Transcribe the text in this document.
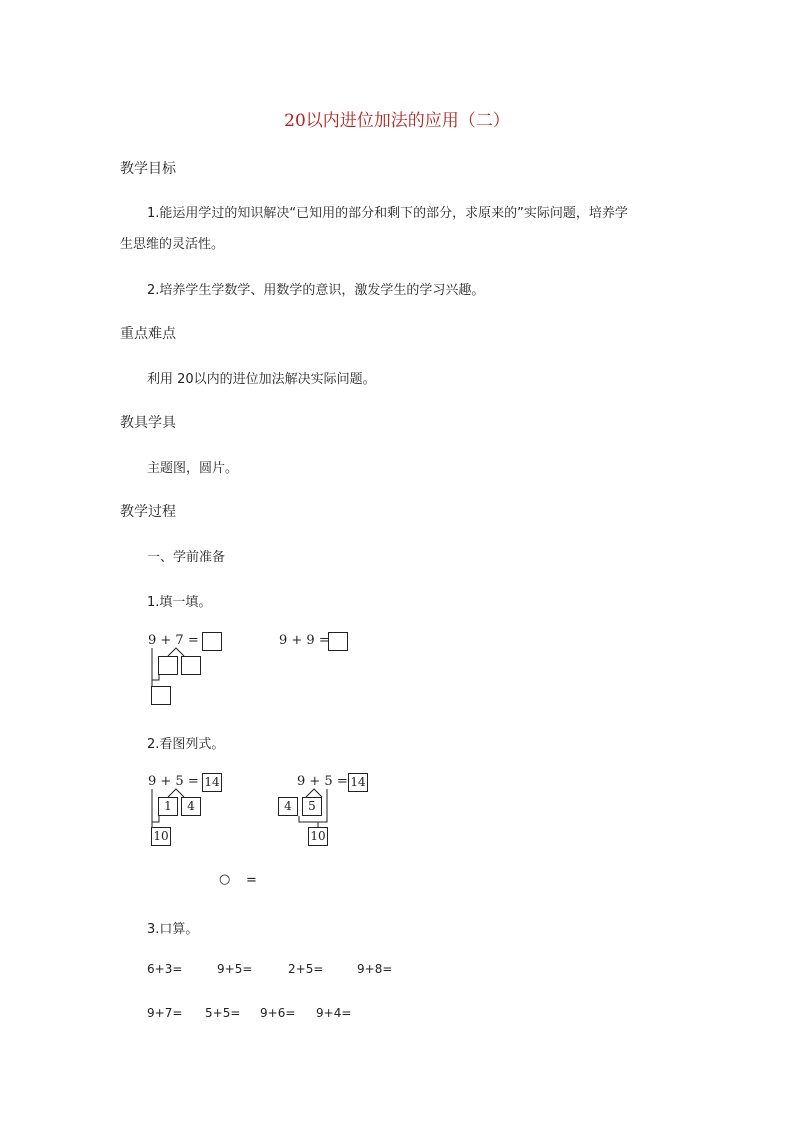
20以内进位加法的应用（二）
教学目标
1.能运用学过的知识解决“已知用的部分和剩下的部分，求原来的”实际问题，培养学
生思维的灵活性。
2.培养学生学数学、用数学的意识，激发学生的学习兴趣。
重点难点
利用 20以内的进位加法解决实际问题。
教具学具
主题图，圆片。
教学过程
一、学前准备
1.填一填。
9 + 7 =	9 + 9 =
2.看图列式。
9 + 5 = 14
1	4
10
9 + 5 = 14
4	5
10
○ =
3.口算。
6+3=	9+5=	2+5=	9+8=
9+7= 5+5= 9+6= 9+4=
